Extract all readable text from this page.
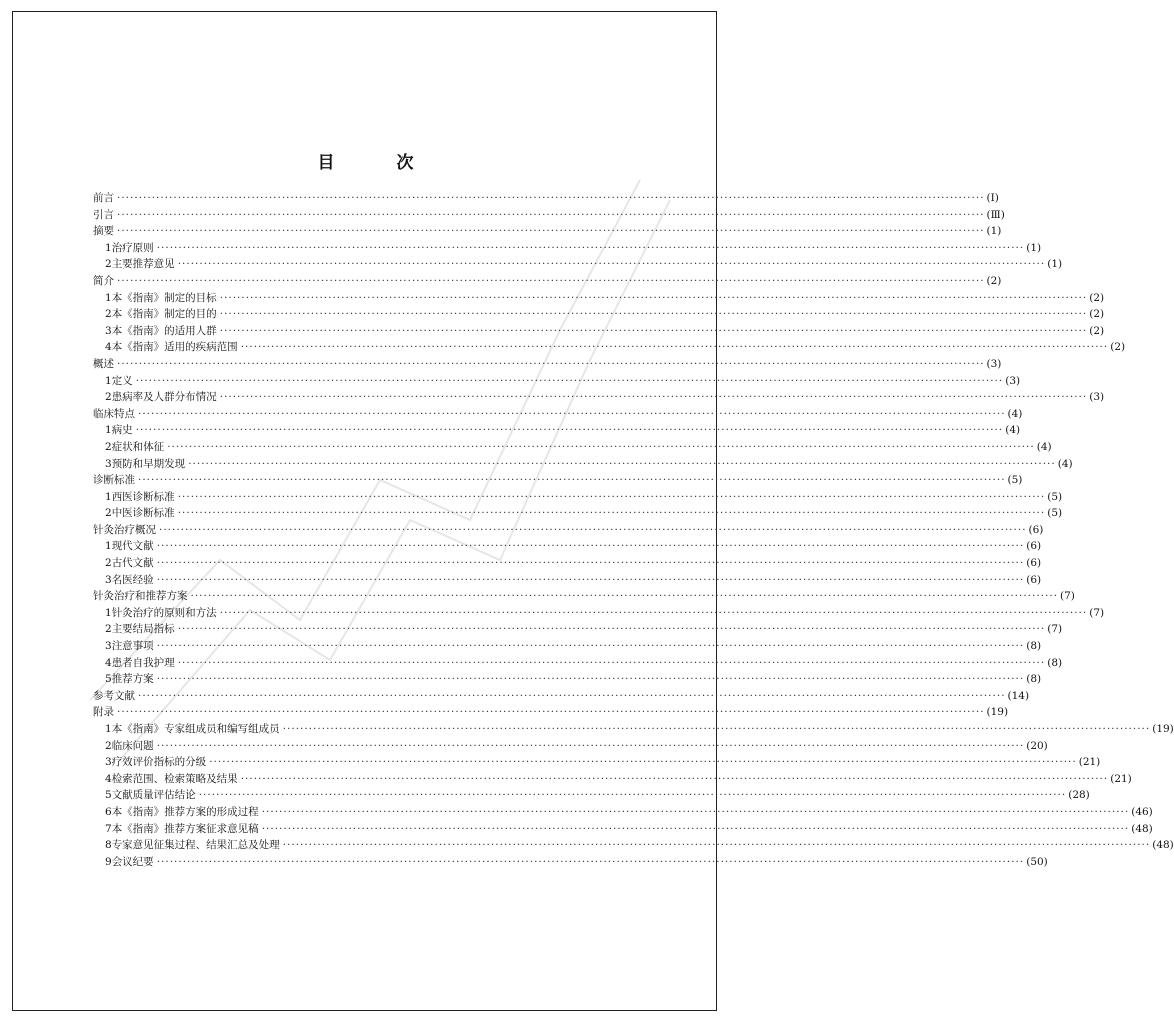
目 次
前言 ········································································································································································································ (Ⅰ)
引言 ········································································································································································································ (Ⅲ)
摘要 ········································································································································································································ (1)
1 治疗原则 ········································································································································································································ (1)
2 主要推荐意见 ········································································································································································································ (1)
简介 ········································································································································································································ (2)
1 本《指南》制定的目标 ········································································································································································································ (2)
2 本《指南》制定的目的 ········································································································································································································ (2)
3 本《指南》的适用人群 ········································································································································································································ (2)
4 本《指南》适用的疾病范围 ········································································································································································································ (2)
概述 ········································································································································································································ (3)
1 定义 ········································································································································································································ (3)
2 患病率及人群分布情况 ········································································································································································································ (3)
临床特点 ········································································································································································································ (4)
1 病史 ········································································································································································································ (4)
2 症状和体征 ········································································································································································································ (4)
3 预防和早期发现 ········································································································································································································ (4)
诊断标准 ········································································································································································································ (5)
1 西医诊断标准 ········································································································································································································ (5)
2 中医诊断标准 ········································································································································································································ (5)
针灸治疗概况 ········································································································································································································ (6)
1 现代文献 ········································································································································································································ (6)
2 古代文献 ········································································································································································································ (6)
3 名医经验 ········································································································································································································ (6)
针灸治疗和推荐方案 ········································································································································································································ (7)
1 针灸治疗的原则和方法 ········································································································································································································ (7)
2 主要结局指标 ········································································································································································································ (7)
3 注意事项 ········································································································································································································ (8)
4 患者自我护理 ········································································································································································································ (8)
5 推荐方案 ········································································································································································································ (8)
参考文献 ········································································································································································································ (14)
附录 ········································································································································································································ (19)
1 本《指南》专家组成员和编写组成员 ········································································································································································································ (19)
2 临床问题 ········································································································································································································ (20)
3 疗效评价指标的分级 ········································································································································································································ (21)
4 检索范围、检索策略及结果 ········································································································································································································ (21)
5 文献质量评估结论 ········································································································································································································ (28)
6 本《指南》推荐方案的形成过程 ········································································································································································································ (46)
7 本《指南》推荐方案征求意见稿 ········································································································································································································ (48)
8 专家意见征集过程、结果汇总及处理 ········································································································································································································ (48)
9 会议纪要 ········································································································································································································ (50)
